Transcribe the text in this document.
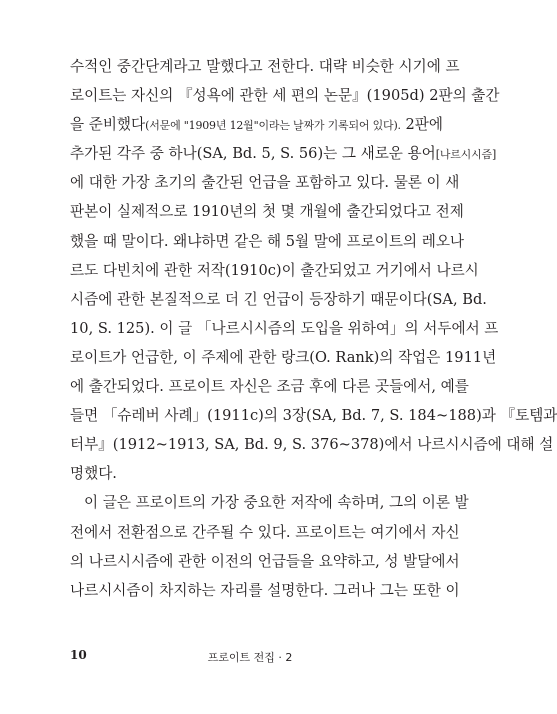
수적인 중간단계라고 말했다고 전한다. 대략 비슷한 시기에 프
로이트는 자신의 『성욕에 관한 세 편의 논문』(1905d) 2판의 출간
을 준비했다(서문에 "1909년 12월"이라는 날짜가 기록되어 있다). 2판에
추가된 각주 중 하나(SA, Bd. 5, S. 56)는 그 새로운 용어[나르시시즘]
에 대한 가장 초기의 출간된 언급을 포함하고 있다. 물론 이 새
판본이 실제적으로 1910년의 첫 몇 개월에 출간되었다고 전제
했을 때 말이다. 왜냐하면 같은 해 5월 말에 프로이트의 레오나
르도 다빈치에 관한 저작(1910c)이 출간되었고 거기에서 나르시
시즘에 관한 본질적으로 더 긴 언급이 등장하기 때문이다(SA, Bd.
10, S. 125). 이 글 「나르시시즘의 도입을 위하여」의 서두에서 프
로이트가 언급한, 이 주제에 관한 랑크(O. Rank)의 작업은 1911년
에 출간되었다. 프로이트 자신은 조금 후에 다른 곳들에서, 예를
들면 「슈레버 사례」(1911c)의 3장(SA, Bd. 7, S. 184~188)과 『토템과
터부』(1912~1913, SA, Bd. 9, S. 376~378)에서 나르시시즘에 대해 설
명했다.
이 글은 프로이트의 가장 중요한 저작에 속하며, 그의 이론 발
전에서 전환점으로 간주될 수 있다. 프로이트는 여기에서 자신
의 나르시시즘에 관한 이전의 언급들을 요약하고, 성 발달에서
나르시시즘이 차지하는 자리를 설명한다. 그러나 그는 또한 이
10	프로이트 전집 · 2
